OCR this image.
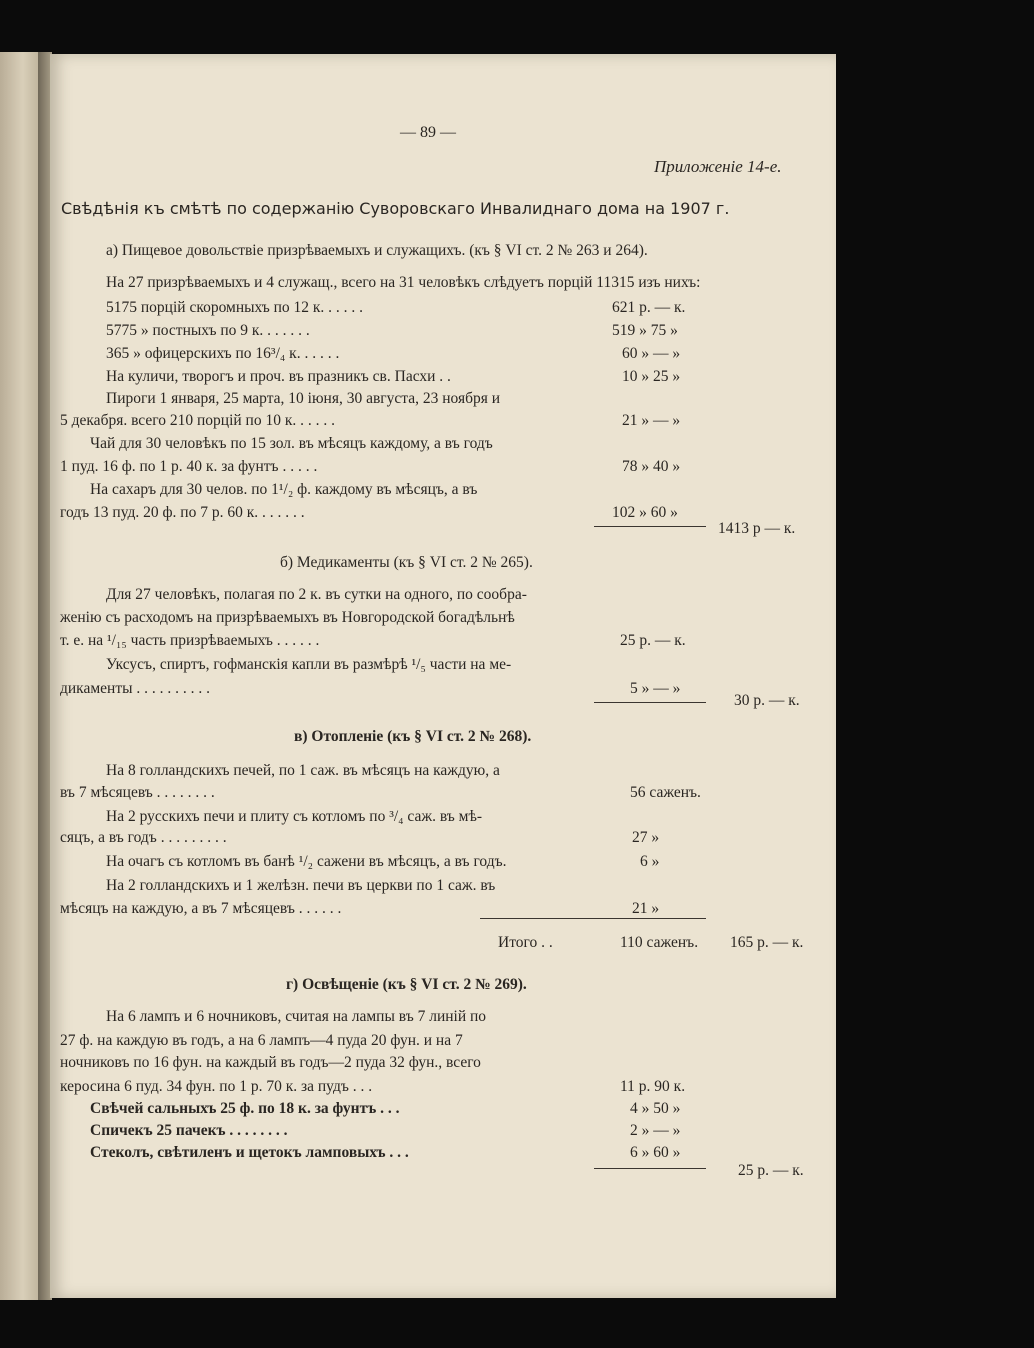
— 89 —
Приложенiе 14-е.
Свѣдѣнiя къ смѣтѣ по содержанiю Суворовскаго Инвалиднаго дома на 1907 г.
а) Пищевое довольствiе призрѣваемыхъ и служащихъ. (къ § VI ст. 2 № 263 и 264).
На 27 призрѣваемыхъ и 4 служащ., всего на 31 человѣкъ слѣдуетъ порцiй 11315 изъ нихъ:
5175 порцiй скоромныхъ по 12 к. . . . . .	621 р. — к.
5775 » постныхъ по 9 к. . . . . . .	519 » 75 »
365 » офицерскихъ по 16³/₄ к. . . . . .	60 » — »
На куличи, творогъ и проч. въ празникъ св. Пасхи . .	10 » 25 »
Пироги 1 января, 25 марта, 10 iюня, 30 августа, 23 ноября и
5 декабря. всего 210 порцiй по 10 к. . . . . .	21 » — »
Чай для 30 человѣкъ по 15 зол. въ мѣсяцъ каждому, а въ годъ
1 пуд. 16 ф. по 1 р. 40 к. за фунтъ . . . . .	78 » 40 »
На сахаръ для 30 челов. по 1¹/₂ ф. каждому въ мѣсяцъ, а въ
годъ 13 пуд. 20 ф. по 7 р. 60 к. . . . . . .	102 » 60 »
1413 р — к.
б) Медикаменты (къ § VI ст. 2 № 265).
Для 27 человѣкъ, полагая по 2 к. въ сутки на одного, по сообра-
женiю съ расходомъ на призрѣваемыхъ въ Новгородской богадѣльнѣ
т. е. на ¹/₁₅ часть призрѣваемыхъ . . . . . .	25 р. — к.
Уксусъ, спиртъ, гофманскiя капли въ размѣрѣ ¹/₅ части на ме-
дикаменты . . . . . . . . . .	5 » — »
30 р. — к.
в) Отопленiе (къ § VI ст. 2 № 268).
На 8 голландскихъ печей, по 1 саж. въ мѣсяцъ на каждую, а
въ 7 мѣсяцевъ . . . . . . . .	56 саженъ.
На 2 русскихъ печи и плиту съ котломъ по ³/₄ саж. въ мѣ-
сяцъ, а въ годъ . . . . . . . . .	27 »
На очагъ съ котломъ въ банѣ ¹/₂ сажени въ мѣсяцъ, а въ годъ.	6 »
На 2 голландскихъ и 1 желѣзн. печи въ церкви по 1 саж. въ
мѣсяцъ на каждую, а въ 7 мѣсяцевъ . . . . . .	21 »
Итого . .	110 саженъ. 165 р. — к.
г) Освѣщенiе (къ § VI ст. 2 № 269).
На 6 лампъ и 6 ночниковъ, считая на лампы въ 7 линiй по
27 ф. на каждую въ годъ, а на 6 лампъ—4 пуда 20 фун. и на 7
ночниковъ по 16 фун. на каждый въ годъ—2 пуда 32 фун., всего
керосина 6 пуд. 34 фун. по 1 р. 70 к. за пудъ . . .	11 р. 90 к.
Свѣчей сальныхъ 25 ф. по 18 к. за фунтъ . . .	4 » 50 »
Спичекъ 25 пачекъ . . . . . . . .	2 » — »
Стеколъ, свѣтиленъ и щетокъ ламповыхъ . . .	6 » 60 »
25 р. — к.
